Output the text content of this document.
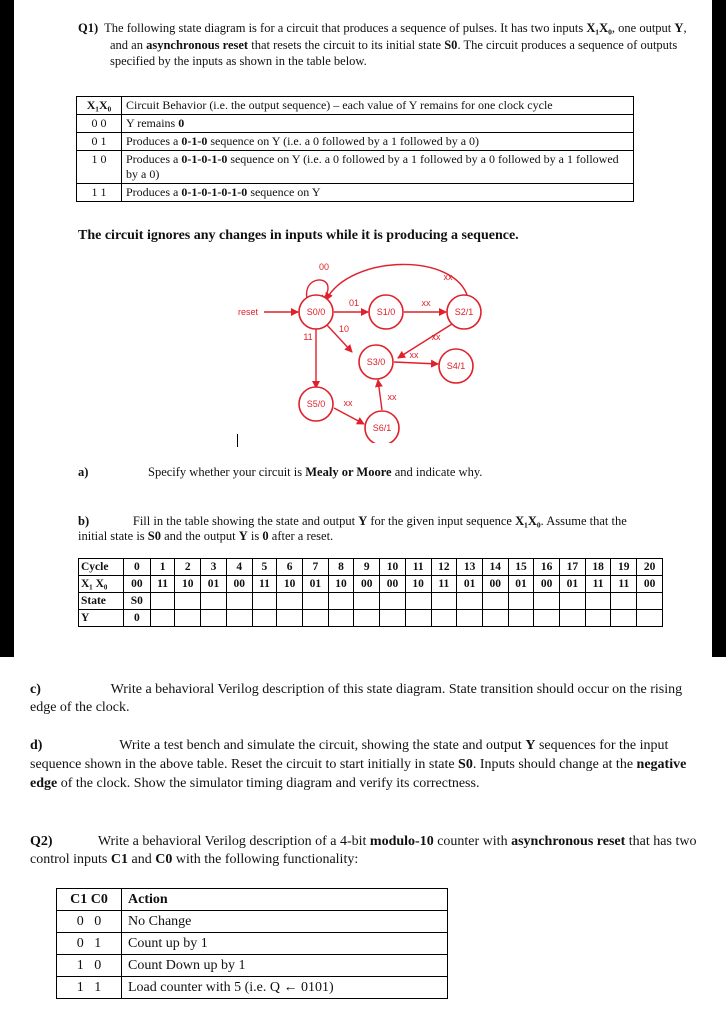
Q1) The following state diagram is for a circuit that produces a sequence of pulses. It has two inputs X₁X₀, one output Y, and an asynchronous reset that resets the circuit to its initial state S0. The circuit produces a sequence of outputs specified by the inputs as shown in the table below.
X₁X₀	Circuit Behavior (i.e. the output sequence) – each value of Y remains for one clock cycle
0 0	Y remains 0
0 1	Produces a 0-1-0 sequence on Y (i.e. a 0 followed by a 1 followed by a 0)
1 0	Produces a 0-1-0-1-0 sequence on Y (i.e. a 0 followed by a 1 followed by a 0 followed by a 1 followed by a 0)
1 1	Produces a 0-1-0-1-0-1-0 sequence on Y
The circuit ignores any changes in inputs while it is producing a sequence.
S0/0	S1/0	S2/1
S3/0	S4/1
S5/0
S6/1
reset
00
01	xx
xx
xx
10
11
xx
xx
xx
a)	Specify whether your circuit is Mealy or Moore and indicate why.
b)	Fill in the table showing the state and output Y for the given input sequence X₁X₀. Assume that the initial state is S0 and the output Y is 0 after a reset.
Cycle	0	1	2	3	4	5	6	7	8	9	10	11	12	13	14	15	16	17	18	19	20
X₁ X₀	00	11	10	01	00	11	10	01	10	00	00	10	11	01	00	01	00	01	11	11	00
State	S0																				
Y	0																				
c)	Write a behavioral Verilog description of this state diagram. State transition should occur on the rising edge of the clock.
d)	Write a test bench and simulate the circuit, showing the state and output Y sequences for the input sequence shown in the above table. Reset the circuit to start initially in state S0. Inputs should change at the negative edge of the clock. Show the simulator timing diagram and verify its correctness.
Q2)	Write a behavioral Verilog description of a 4-bit modulo-10 counter with asynchronous reset that has two control inputs C1 and C0 with the following functionality:
C1 C0	Action
0   0	No Change
0   1	Count up by 1
1   0	Count Down up by 1
1   1	Load counter with 5 (i.e. Q ← 0101)
